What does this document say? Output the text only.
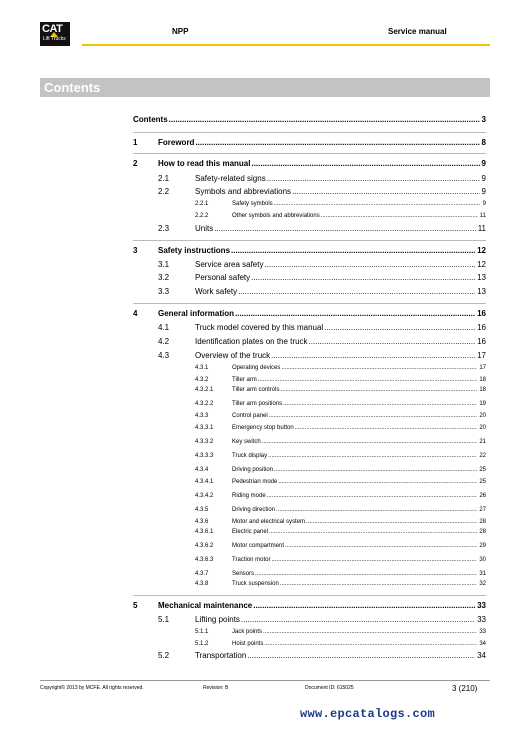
CAT
Lift Trucks
NPP	Service manual
Contents
Contents .....	3
1	Foreword .....	8
2	How to read this manual .....	9
2.1	Safety-related signs .....	9
2.2	Symbols and abbreviations .....	9
2.2.1	Safety symbols .....	9
2.2.2	Other symbols and abbreviations .....	11
2.3	Units .....	11
3	Safety instructions .....	12
3.1	Service area safety .....	12
3.2	Personal safety .....	13
3.3	Work safety .....	13
4	General information .....	16
4.1	Truck model covered by this manual .....	16
4.2	Identification plates on the truck .....	16
4.3	Overview of the truck .....	17
4.3.1	Operating devices .....	17
4.3.2	Tiller arm .....	18
4.3.2.1	Tiller arm controls .....	18
4.3.2.2	Tiller arm positions .....	19
4.3.3	Control panel .....	20
4.3.3.1	Emergency stop button .....	20
4.3.3.2	Key switch .....	21
4.3.3.3	Truck display .....	22
4.3.4	Driving position .....	25
4.3.4.1	Pedestrian mode .....	25
4.3.4.2	Riding mode .....	26
4.3.5	Driving direction .....	27
4.3.6	Motor and electrical system .....	28
4.3.6.1	Electric panel .....	28
4.3.6.2	Motor compartment .....	29
4.3.6.3	Traction motor .....	30
4.3.7	Sensors .....	31
4.3.8	Truck suspension .....	32
5	Mechanical maintenance .....	33
5.1	Lifting points .....	33
5.1.1	Jack points .....	33
5.1.2	Hoist points .....	34
5.2	Transportation .....	34
Copyright© 2013 by MCFE. All rights reserved.	Revision: B	Document ID: 615025	3 (210)
www.epcatalogs.com
